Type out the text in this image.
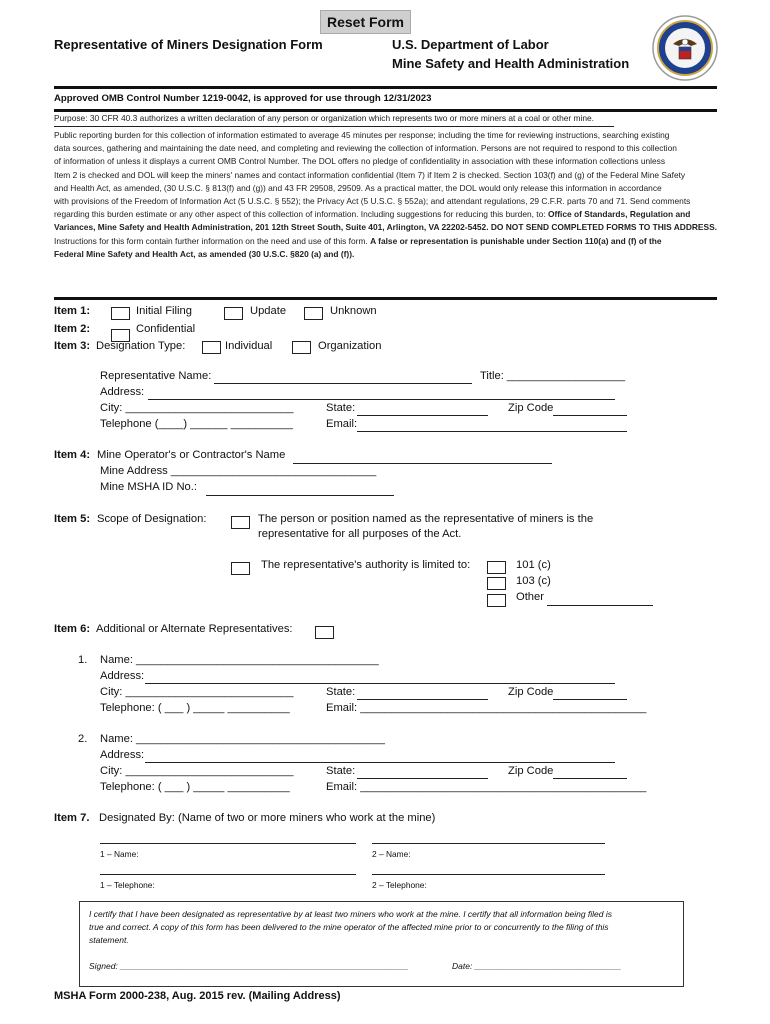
Reset Form
Representative of Miners Designation Form	U.S. Department of Labor
Mine Safety and Health Administration
Approved OMB Control Number 1219-0042, is approved for use through 12/31/2023
Purpose: 30 CFR 40.3 authorizes a written declaration of any person or organization which represents two or more miners at a coal or other mine.
Public reporting burden for this collection of information estimated to average 45 minutes per response; including the time for reviewing instructions, searching existing
data sources, gathering and maintaining the date need, and completing and reviewing the collection of information. Persons are not required to respond to this collection
of information of unless it displays a current OMB Control Number. The DOL offers no pledge of confidentiality in association with these information collections unless
Item 2 is checked and DOL will keep the miners' names and contact information confidential (Item 7) if Item 2 is checked. Section 103(f) and (g) of the Federal Mine Safety
and Health Act, as amended, (30 U.S.C. § 813(f) and (g)) and 43 FR 29508, 29509. As a practical matter, the DOL would only release this information in accordance
with provisions of the Freedom of Information Act (5 U.S.C. § 552); the Privacy Act (5 U.S.C. § 552a); and attendant regulations, 29 C.F.R. parts 70 and 71. Send comments
regarding this burden estimate or any other aspect of this collection of information. Including suggestions for reducing this burden, to: Office of Standards, Regulation and
Variances, Mine Safety and Health Administration, 201 12th Street South, Suite 401, Arlington, VA 22202-5452. DO NOT SEND COMPLETED FORMS TO THIS ADDRESS.
Instructions for this form contain further information on the need and use of this form. A false or representation is punishable under Section 110(a) and (f) of the
Federal Mine Safety and Health Act, as amended (30 U.S.C. §820 (a) and (f)).
Item 1:	Initial Filing	Update	Unknown
Item 2:	Confidential
Item 3: Designation Type:	Individual	Organization
Representative Name:	Title: ___________________
Address:
City: ___________________________	State:	Zip Code
Telephone (____) ______ __________	Email:
Item 4: Mine Operator's or Contractor's Name
Mine Address _________________________________
Mine MSHA ID No.:
Item 5: Scope of Designation:	The person or position named as the representative of miners is the
representative for all purposes of the Act.
The representative's authority is limited to:	101 (c)
103 (c)
Other
Item 6: Additional or Alternate Representatives:
1. Name: _______________________________________
Address:
City: ___________________________	State:	Zip Code
Telephone: ( ___ ) _____ __________	Email: ______________________________________________
2. Name: ________________________________________
Address:
City: ___________________________	State:	Zip Code
Telephone: ( ___ ) _____ __________	Email: ______________________________________________
Item 7. Designated By: (Name of two or more miners who work at the mine)
1 – Name:	2 – Name:
1 – Telephone:	2 – Telephone:
I certify that I have been designated as representative by at least two miners who work at the mine. I certify that all information being filed is
true and correct. A copy of this form has been delivered to the mine operator of the affected mine prior to or concurrently to the filing of this
statement.
Signed: _____________________________________________________________	Date: _______________________________
MSHA Form 2000-238, Aug. 2015 rev. (Mailing Address)
